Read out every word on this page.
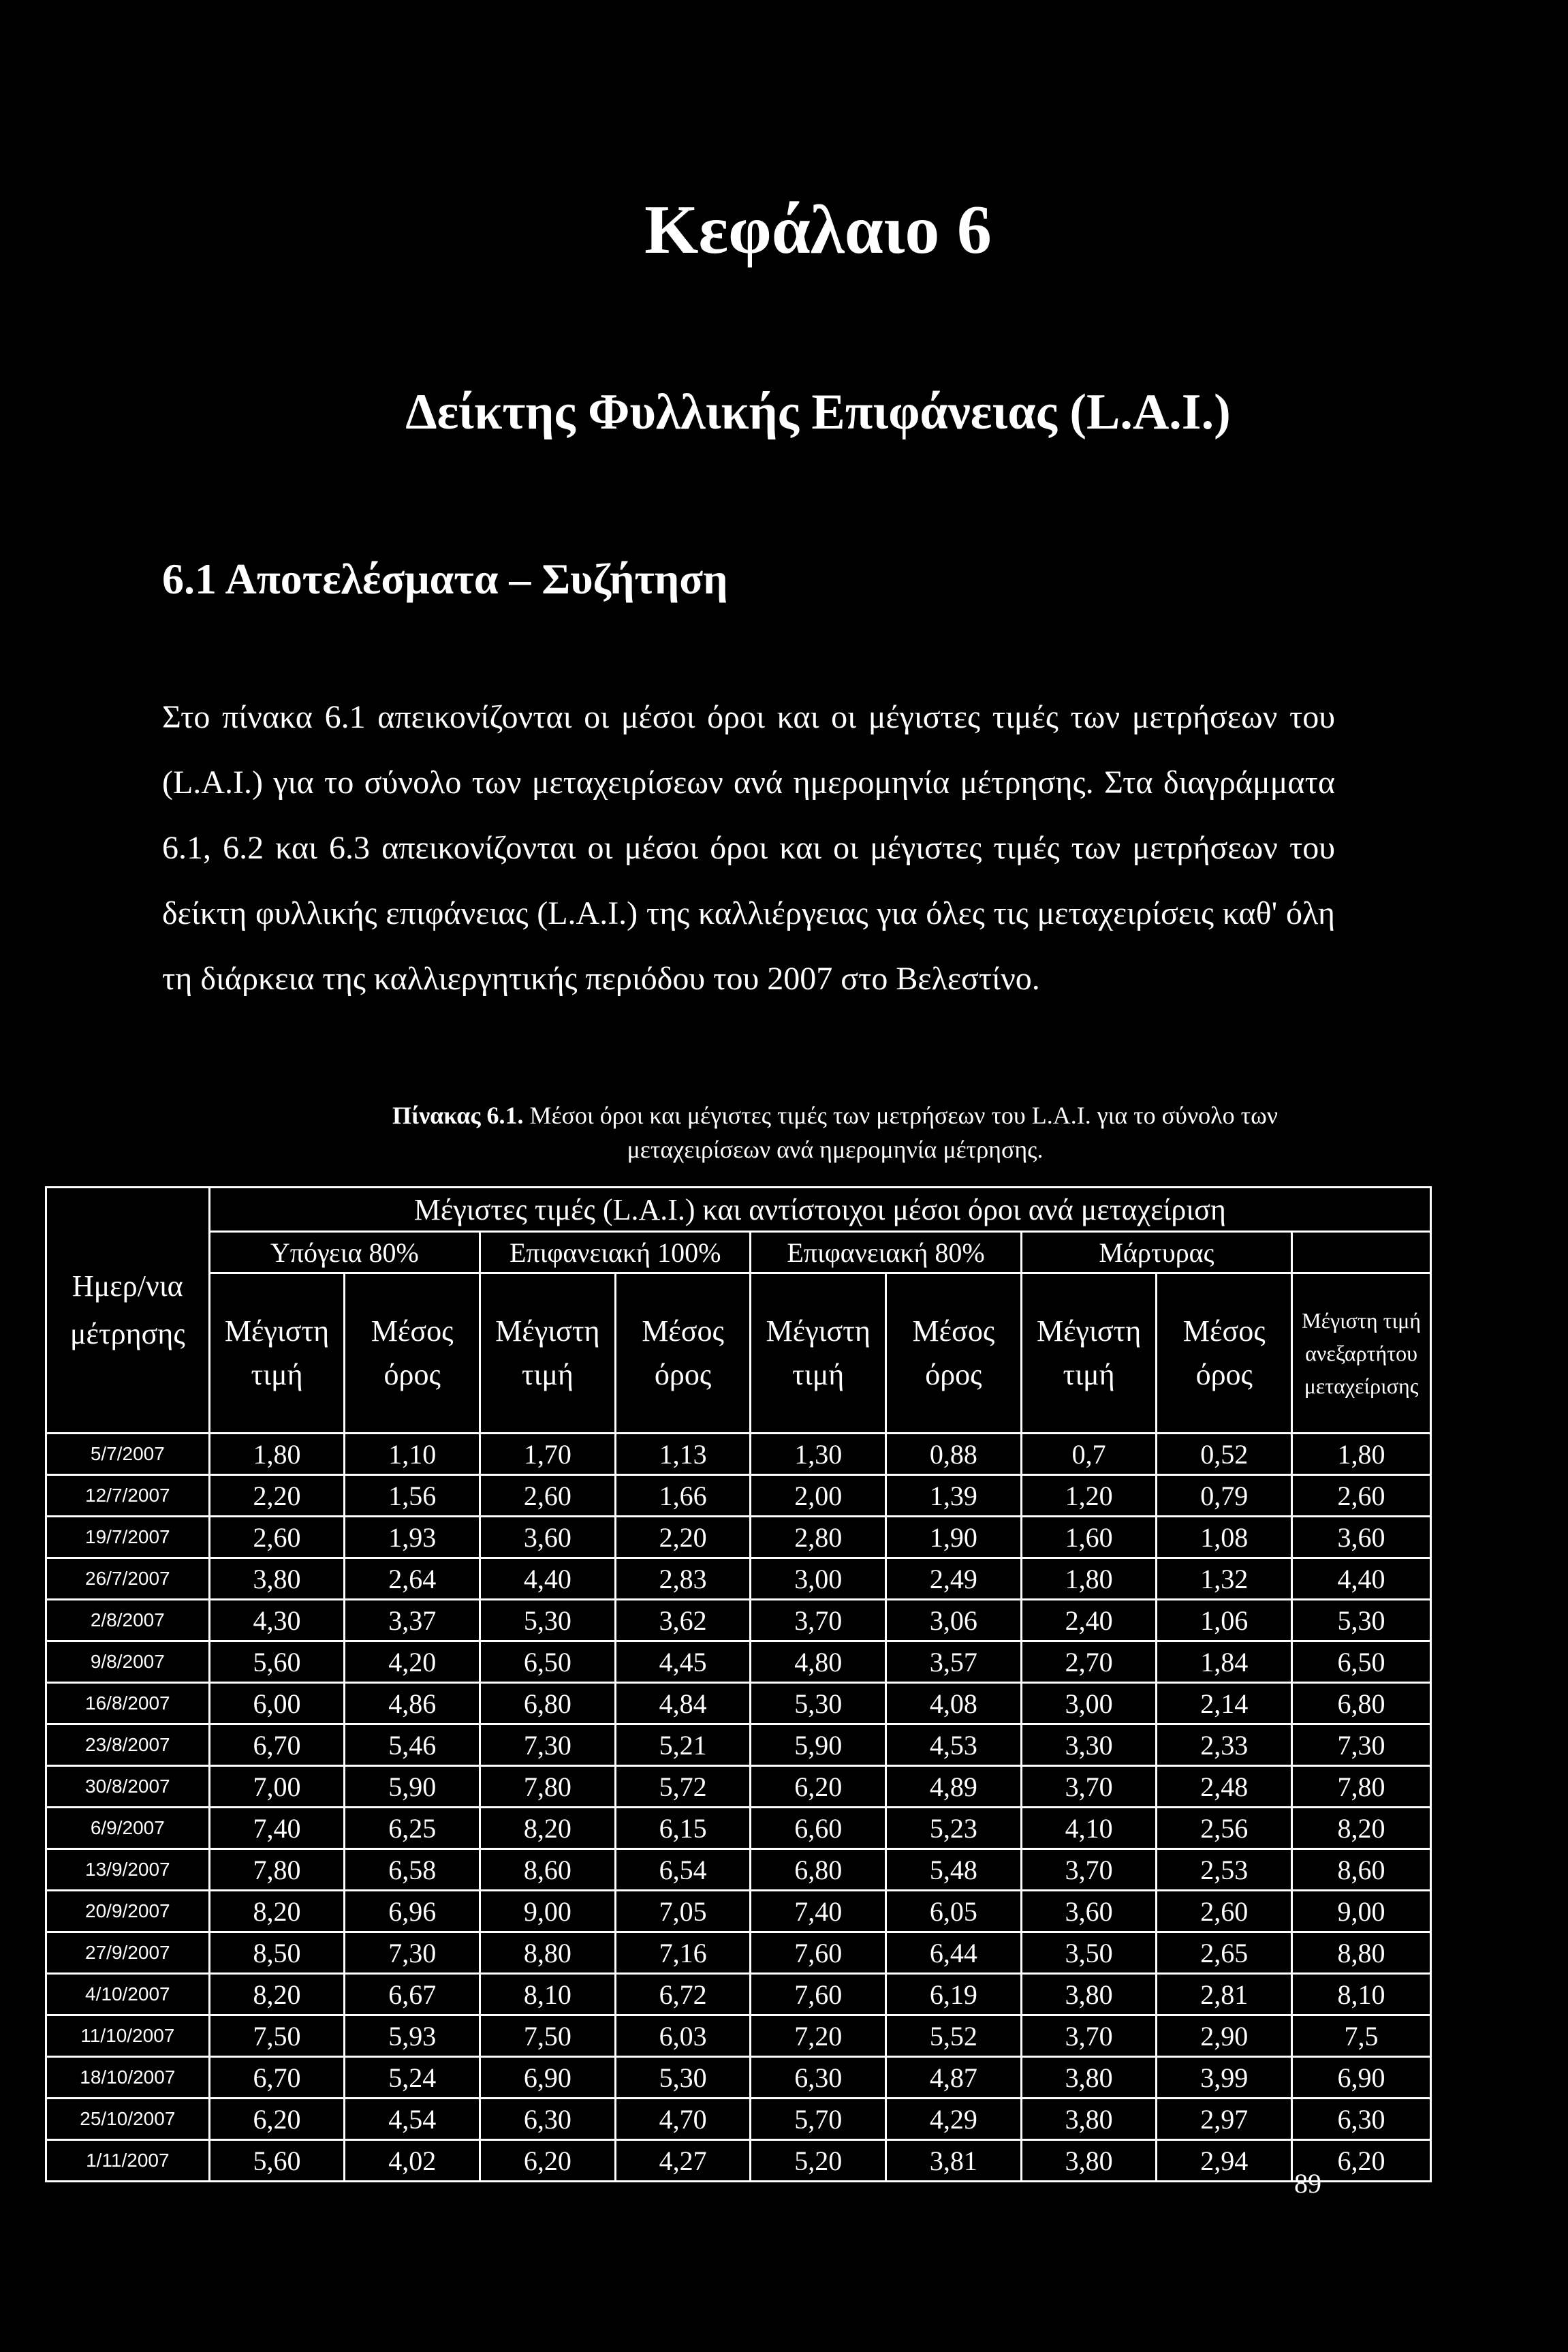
Κεφάλαιο 6
Δείκτης Φυλλικής Επιφάνειας (L.A.I.)
6.1 Αποτελέσματα – Συζήτηση

Στο πίνακα 6.1 απεικονίζονται οι μέσοι όροι και οι μέγιστες τιμές των μετρήσεων του (L.A.I.) για το σύνολο των μεταχειρίσεων ανά ημερομηνία μέτρησης. Στα διαγράμματα 6.1, 6.2 και 6.3 απεικονίζονται οι μέσοι όροι και οι μέγιστες τιμές των μετρήσεων του δείκτη φυλλικής επιφάνειας (L.A.I.) της καλλιέργειας για όλες τις μεταχειρίσεις καθ' όλη τη διάρκεια της καλλιεργητικής περιόδου του 2007 στο Βελεστίνο.

Πίνακας 6.1. Μέσοι όροι και μέγιστες τιμές των μετρήσεων του L.A.I. για το σύνολο των
μεταχειρίσεων ανά ημερομηνία μέτρησης.
Ημερ/νια μέτρησης	Μέγιστες τιμές (L.A.I.) και αντίστοιχοι μέσοι όροι ανά μεταχείριση								
	Υπόγεια 80%		Επιφανειακή 100%		Επιφανειακή 80%		Μάρτυρας		
	Μέγιστη τιμή	Μέσος όρος	Μέγιστη τιμή	Μέσος όρος	Μέγιστη τιμή	Μέσος όρος	Μέγιστη τιμή	Μέσος όρος	Μέγιστη τιμή ανεξαρτήτου μεταχείρισης
5/7/2007	1,80	1,10	1,70	1,13	1,30	0,88	0,7	0,52	1,80
12/7/2007	2,20	1,56	2,60	1,66	2,00	1,39	1,20	0,79	2,60
19/7/2007	2,60	1,93	3,60	2,20	2,80	1,90	1,60	1,08	3,60
26/7/2007	3,80	2,64	4,40	2,83	3,00	2,49	1,80	1,32	4,40
2/8/2007	4,30	3,37	5,30	3,62	3,70	3,06	2,40	1,06	5,30
9/8/2007	5,60	4,20	6,50	4,45	4,80	3,57	2,70	1,84	6,50
16/8/2007	6,00	4,86	6,80	4,84	5,30	4,08	3,00	2,14	6,80
23/8/2007	6,70	5,46	7,30	5,21	5,90	4,53	3,30	2,33	7,30
30/8/2007	7,00	5,90	7,80	5,72	6,20	4,89	3,70	2,48	7,80
6/9/2007	7,40	6,25	8,20	6,15	6,60	5,23	4,10	2,56	8,20
13/9/2007	7,80	6,58	8,60	6,54	6,80	5,48	3,70	2,53	8,60
20/9/2007	8,20	6,96	9,00	7,05	7,40	6,05	3,60	2,60	9,00
27/9/2007	8,50	7,30	8,80	7,16	7,60	6,44	3,50	2,65	8,80
4/10/2007	8,20	6,67	8,10	6,72	7,60	6,19	3,80	2,81	8,10
11/10/2007	7,50	5,93	7,50	6,03	7,20	5,52	3,70	2,90	7,5
18/10/2007	6,70	5,24	6,90	5,30	6,30	4,87	3,80	3,99	6,90
25/10/2007	6,20	4,54	6,30	4,70	5,70	4,29	3,80	2,97	6,30
1/11/2007	5,60	4,02	6,20	4,27	5,20	3,81	3,80	2,94	6,20
89
